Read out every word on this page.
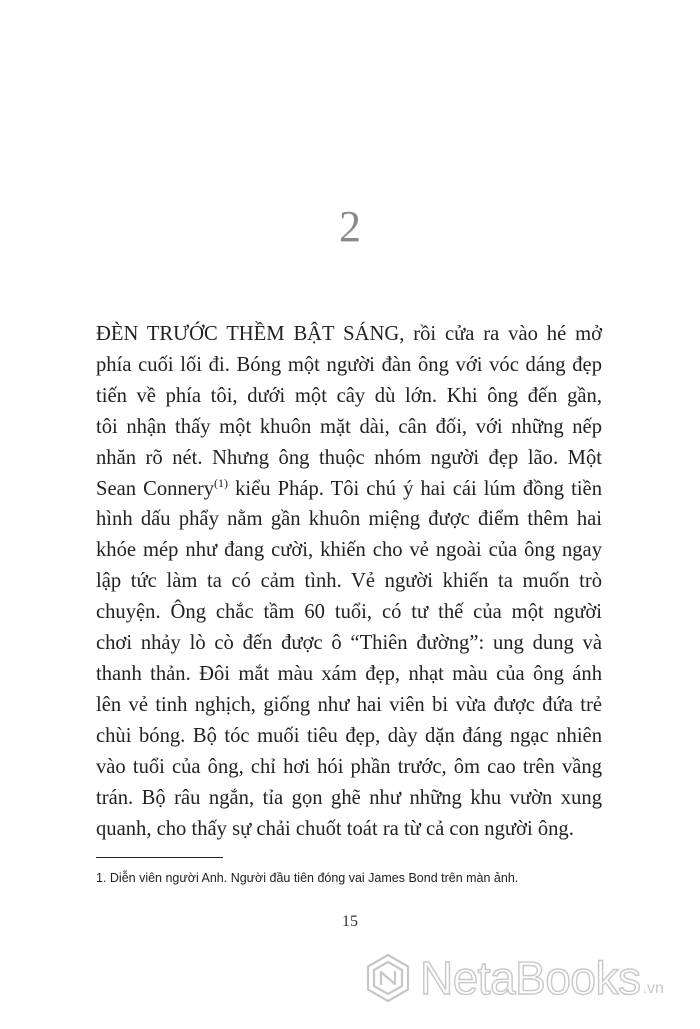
2
ĐÈN TRƯỚC THỀM BẬT SÁNG, rồi cửa ra vào hé mở
phía cuối lối đi. Bóng một người đàn ông với vóc dáng đẹp
tiến về phía tôi, dưới một cây dù lớn. Khi ông đến gần,
tôi nhận thấy một khuôn mặt dài, cân đối, với những nếp
nhăn rõ nét. Nhưng ông thuộc nhóm người đẹp lão. Một
Sean Connery$^{(1)}$ kiểu Pháp. Tôi chú ý hai cái lúm đồng tiền
hình dấu phẩy nằm gần khuôn miệng được điểm thêm hai
khóe mép như đang cười, khiến cho vẻ ngoài của ông ngay
lập tức làm ta có cảm tình. Vẻ người khiến ta muốn trò
chuyện. Ông chắc tầm 60 tuổi, có tư thế của một người
chơi nhảy lò cò đến được ô “Thiên đường”: ung dung và
thanh thản. Đôi mắt màu xám đẹp, nhạt màu của ông ánh
lên vẻ tinh nghịch, giống như hai viên bi vừa được đứa trẻ
chùi bóng. Bộ tóc muối tiêu đẹp, dày dặn đáng ngạc nhiên
vào tuổi của ông, chỉ hơi hói phần trước, ôm cao trên vầng
trán. Bộ râu ngắn, tỉa gọn ghẽ như những khu vườn xung
quanh, cho thấy sự chải chuốt toát ra từ cả con người ông.
1. Diễn viên người Anh. Người đầu tiên đóng vai James Bond trên màn ảnh.
15
NetaBooks .vn
